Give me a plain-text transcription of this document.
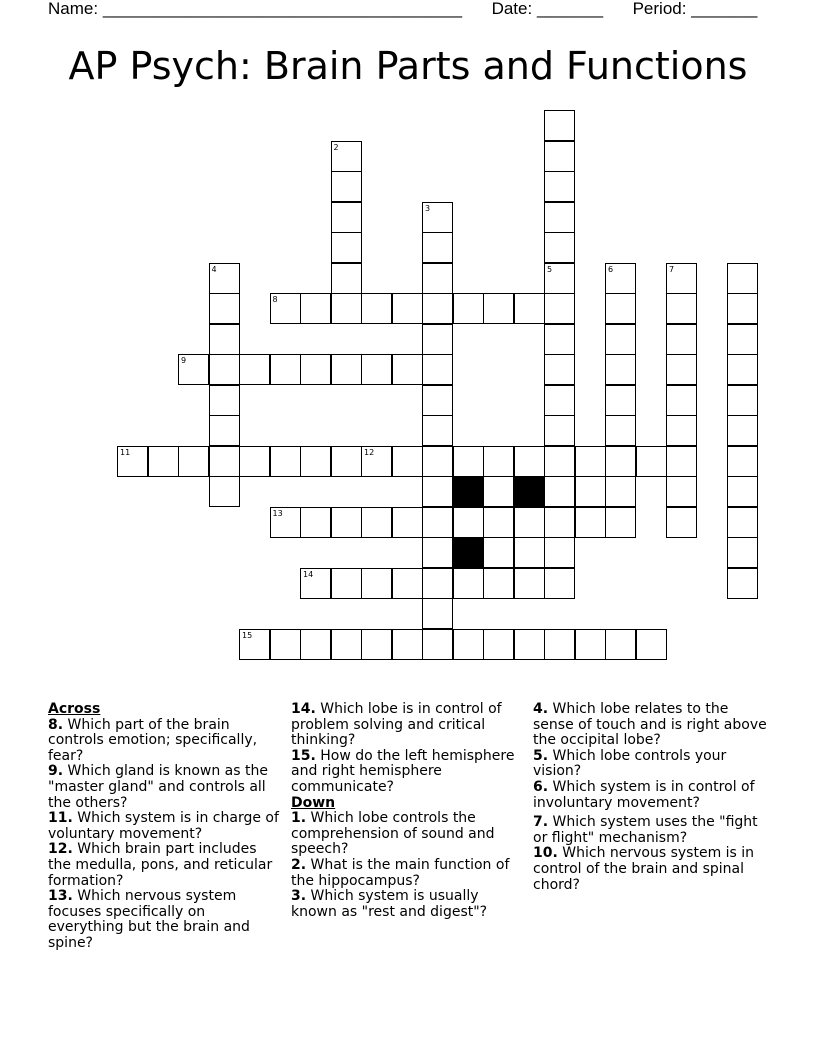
Name: ______________________________________ Date: _______ Period: _______
AP Psych: Brain Parts and Functions
5
2
3
4	6	7
8
9
11	12
13
14
15
Across
8. Which part of the brain controls emotion; specifically, fear?
9. Which gland is known as the "master gland" and controls all the others?
11. Which system is in charge of voluntary movement?
12. Which brain part includes the medulla, pons, and reticular formation?
13. Which nervous system focuses specifically on everything but the brain and spine?
14. Which lobe is in control of problem solving and critical thinking?
15. How do the left hemisphere and right hemisphere communicate?
Down
1. Which lobe controls the comprehension of sound and speech?
2. What is the main function of the hippocampus?
3. Which system is usually known as "rest and digest"?
4. Which lobe relates to the sense of touch and is right above the occipital lobe?
5. Which lobe controls your vision?
6. Which system is in control of involuntary movement?
7. Which system uses the "fight or flight" mechanism?
10. Which nervous system is in control of the brain and spinal chord?
